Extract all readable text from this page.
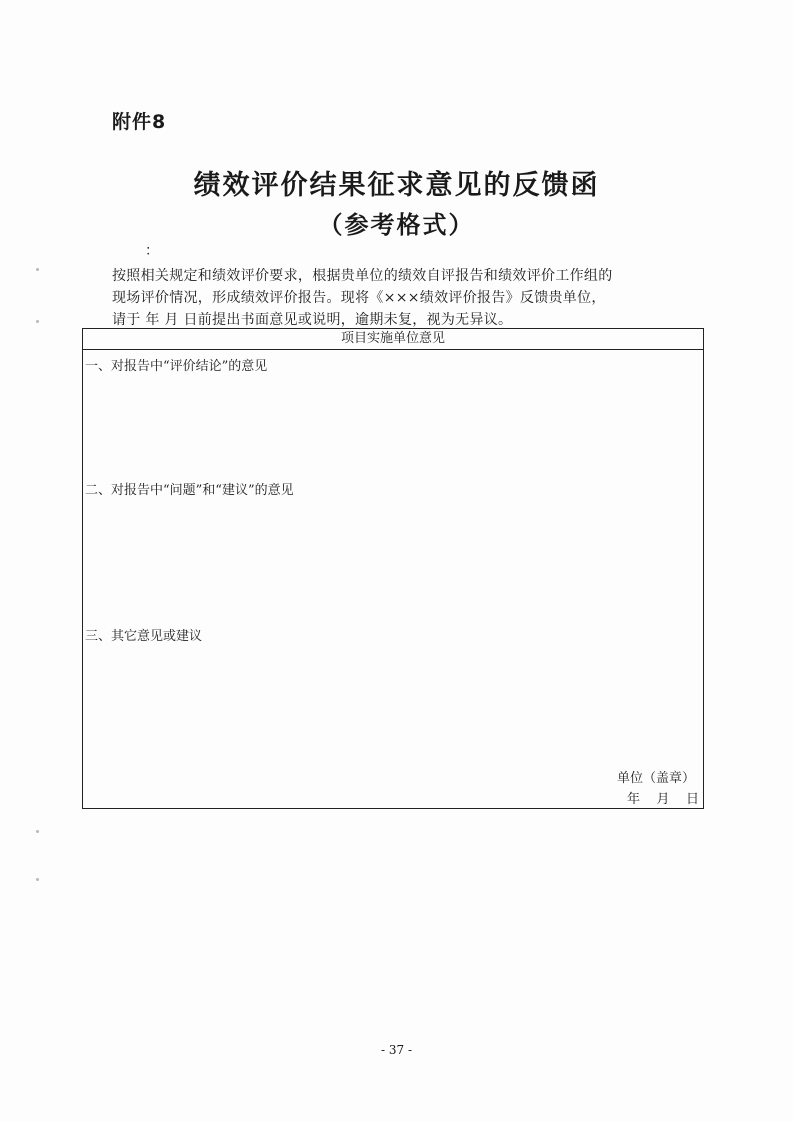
附件8
绩效评价结果征求意见的反馈函
（参考格式）
：
按照相关规定和绩效评价要求，根据贵单位的绩效自评报告和绩效评价工作组的
现场评价情况，形成绩效评价报告。现将《×××绩效评价报告》反馈贵单位，
请于 年 月 日前提出书面意见或说明，逾期未复，视为无异议。
项目实施单位意见
一、对报告中“评价结论”的意见
二、对报告中“问题”和“建议”的意见
三、其它意见或建议
单位（盖章）
年    月    日
- 37 -
